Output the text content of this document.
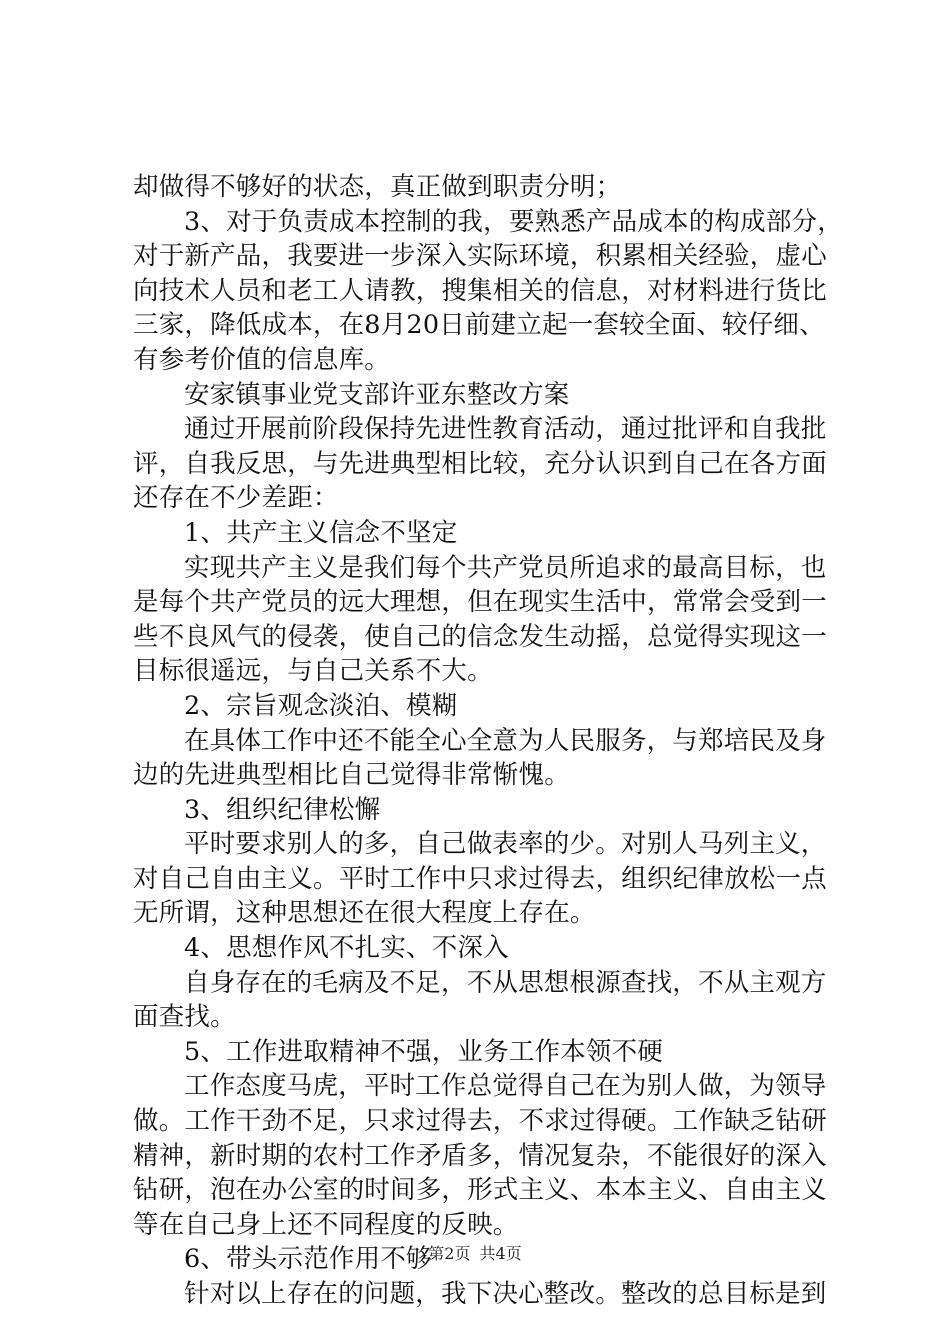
却做得不够好的状态，真正做到职责分明；
3、对于负责成本控制的我，要熟悉产品成本的构成部分，
对于新产品，我要进一步深入实际环境，积累相关经验，虚心
向技术人员和老工人请教，搜集相关的信息，对材料进行货比
三家，降低成本，在8月20日前建立起一套较全面、较仔细、
有参考价值的信息库。
安家镇事业党支部许亚东整改方案
通过开展前阶段保持先进性教育活动，通过批评和自我批
评，自我反思，与先进典型相比较，充分认识到自己在各方面
还存在不少差距：
1、共产主义信念不坚定
实现共产主义是我们每个共产党员所追求的最高目标，也
是每个共产党员的远大理想，但在现实生活中，常常会受到一
些不良风气的侵袭，使自己的信念发生动摇，总觉得实现这一
目标很遥远，与自己关系不大。
2、宗旨观念淡泊、模糊
在具体工作中还不能全心全意为人民服务，与郑培民及身
边的先进典型相比自己觉得非常惭愧。
3、组织纪律松懈
平时要求别人的多，自己做表率的少。对别人马列主义，
对自己自由主义。平时工作中只求过得去，组织纪律放松一点
无所谓，这种思想还在很大程度上存在。
4、思想作风不扎实、不深入
自身存在的毛病及不足，不从思想根源查找，不从主观方
面查找。
5、工作进取精神不强，业务工作本领不硬
工作态度马虎，平时工作总觉得自己在为别人做，为领导
做。工作干劲不足，只求过得去，不求过得硬。工作缺乏钻研
精神，新时期的农村工作矛盾多，情况复杂，不能很好的深入
钻研，泡在办公室的时间多，形式主义、本本主义、自由主义
等在自己身上还不同程度的反映。
6、带头示范作用不够
针对以上存在的问题，我下决心整改。整改的总目标是到
第2页 共4页
